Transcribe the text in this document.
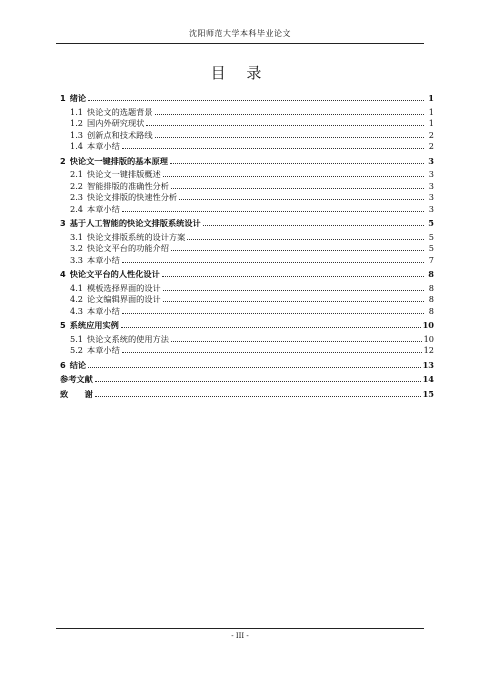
沈阳师范大学本科毕业论文
目 录
1 绪论	1
1.1 快论文的选题背景	1
1.2 国内外研究现状	1
1.3 创新点和技术路线	2
1.4 本章小结	2
2 快论文一键排版的基本原理	3
2.1 快论文一键排版概述	3
2.2 智能排版的准确性分析	3
2.3 快论文排版的快速性分析	3
2.4 本章小结	3
3 基于人工智能的快论文排版系统设计	5
3.1 快论文排版系统的设计方案	5
3.2 快论文平台的功能介绍	5
3.3 本章小结	7
4 快论文平台的人性化设计	8
4.1 模板选择界面的设计	8
4.2 论文编辑界面的设计	8
4.3 本章小结	8
5 系统应用实例	10
5.1 快论文系统的使用方法	10
5.2 本章小结	12
6 结论	13
参考文献	14
致　　谢	15
- III -
